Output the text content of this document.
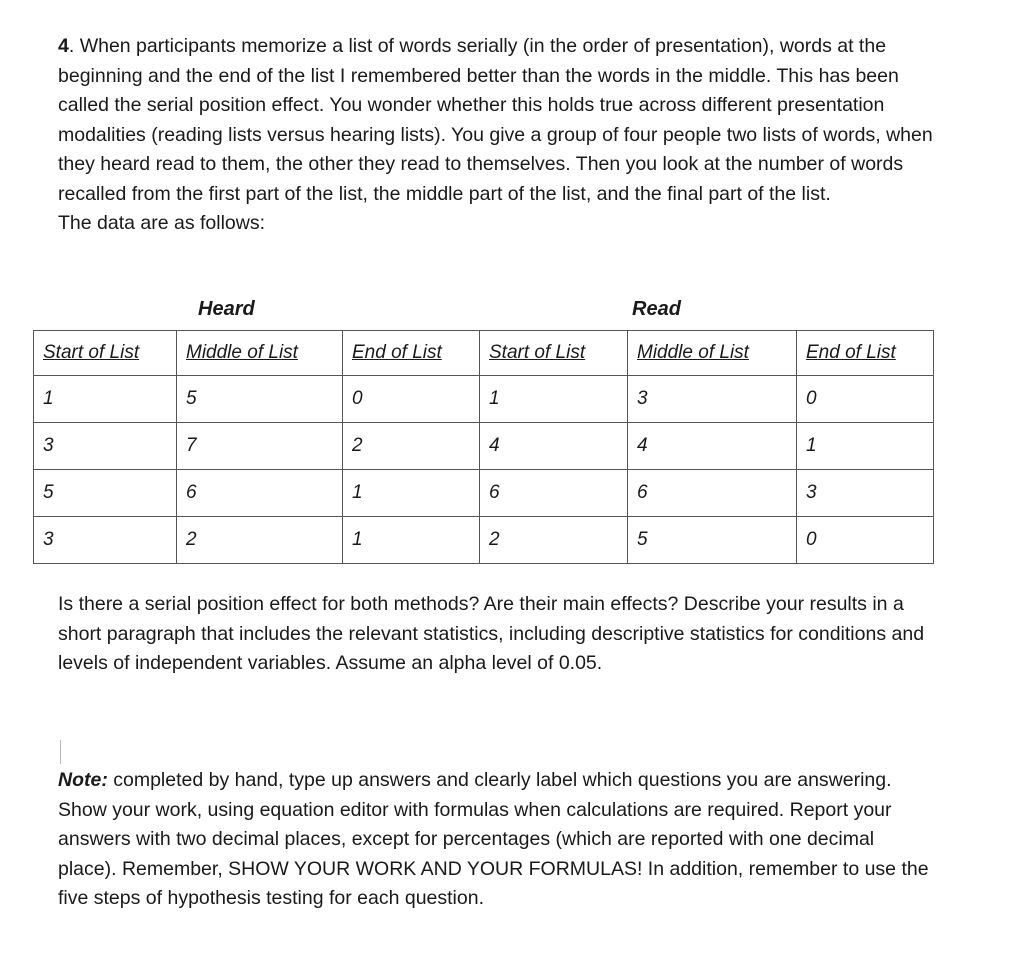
4. When participants memorize a list of words serially (in the order of presentation), words at the beginning and the end of the list I remembered better than the words in the middle. This has been called the serial position effect. You wonder whether this holds true across different presentation modalities (reading lists versus hearing lists). You give a group of four people two lists of words, when they heard read to them, the other they read to themselves. Then you look at the number of words recalled from the first part of the list, the middle part of the list, and the final part of the list.
The data are as follows:

Heard	Read
Start of List	Middle of List	End of List	Start of List	Middle of List	End of List
1	5	0	1	3	0
3	7	2	4	4	1
5	6	1	6	6	3
3	2	1	2	5	0

Is there a serial position effect for both methods? Are their main effects? Describe your results in a short paragraph that includes the relevant statistics, including descriptive statistics for conditions and levels of independent variables. Assume an alpha level of 0.05.

Note: completed by hand, type up answers and clearly label which questions you are answering. Show your work, using equation editor with formulas when calculations are required. Report your answers with two decimal places, except for percentages (which are reported with one decimal place). Remember, SHOW YOUR WORK AND YOUR FORMULAS! In addition, remember to use the five steps of hypothesis testing for each question.
